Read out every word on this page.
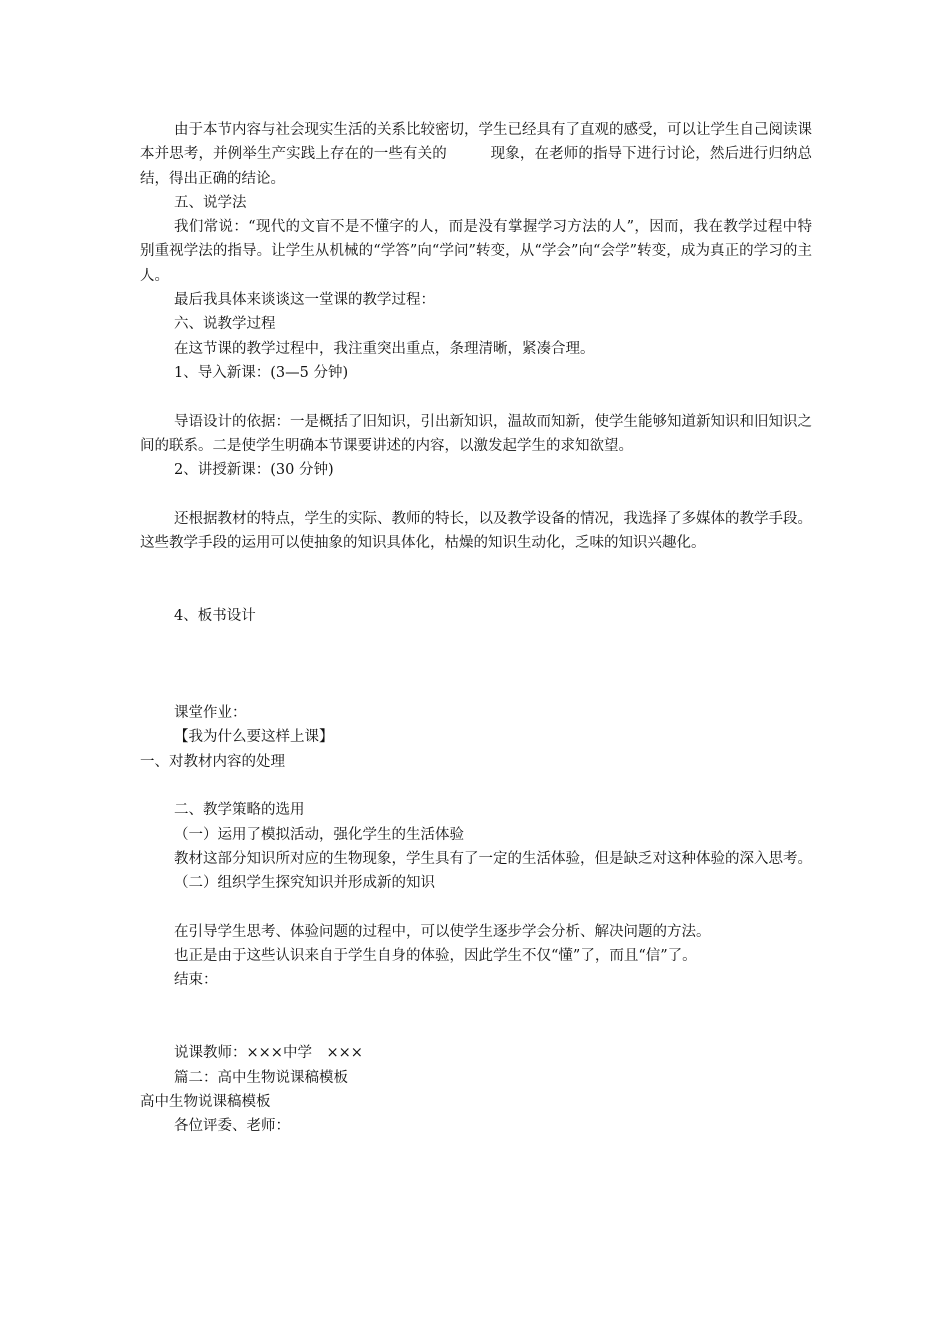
由于本节内容与社会现实生活的关系比较密切，学生已经具有了直观的感受，可以让学生自己阅读课本并思考，并例举生产实践上存在的一些有关的　　　现象，在老师的指导下进行讨论，然后进行归纳总结，得出正确的结论。
五、说学法
我们常说：“现代的文盲不是不懂字的人，而是没有掌握学习方法的人”，因而，我在教学过程中特别重视学法的指导。让学生从机械的“学答”向“学问”转变，从“学会”向“会学”转变，成为真正的学习的主人。
最后我具体来谈谈这一堂课的教学过程：
六、说教学过程
在这节课的教学过程中，我注重突出重点，条理清晰，紧凑合理。
1、导入新课：(3—5 分钟)
导语设计的依据：一是概括了旧知识，引出新知识，温故而知新，使学生能够知道新知识和旧知识之间的联系。二是使学生明确本节课要讲述的内容，以激发起学生的求知欲望。
2、讲授新课：(30 分钟)
还根据教材的特点，学生的实际、教师的特长，以及教学设备的情况，我选择了多媒体的教学手段。这些教学手段的运用可以使抽象的知识具体化，枯燥的知识生动化，乏味的知识兴趣化。
4、板书设计
课堂作业：
【我为什么要这样上课】
一、对教材内容的处理
二、教学策略的选用
（一）运用了模拟活动，强化学生的生活体验
教材这部分知识所对应的生物现象，学生具有了一定的生活体验，但是缺乏对这种体验的深入思考。
（二）组织学生探究知识并形成新的知识
在引导学生思考、体验问题的过程中，可以使学生逐步学会分析、解决问题的方法。
也正是由于这些认识来自于学生自身的体验，因此学生不仅“懂”了，而且“信”了。
结束：
说课教师：×××中学　×××
篇二：高中生物说课稿模板
高中生物说课稿模板
各位评委、老师：
